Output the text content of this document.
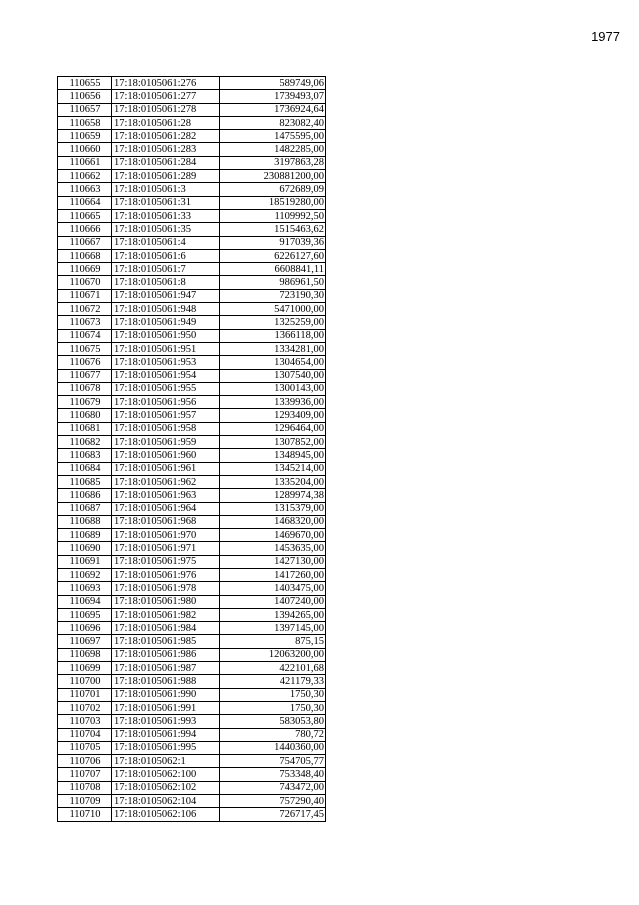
1977
110655	17:18:0105061:276	589749,06
110656	17:18:0105061:277	1739493,07
110657	17:18:0105061:278	1736924,64
110658	17:18:0105061:28	823082,40
110659	17:18:0105061:282	1475595,00
110660	17:18:0105061:283	1482285,00
110661	17:18:0105061:284	3197863,28
110662	17:18:0105061:289	230881200,00
110663	17:18:0105061:3	672689,09
110664	17:18:0105061:31	18519280,00
110665	17:18:0105061:33	1109992,50
110666	17:18:0105061:35	1515463,62
110667	17:18:0105061:4	917039,36
110668	17:18:0105061:6	6226127,60
110669	17:18:0105061:7	6608841,11
110670	17:18:0105061:8	986961,50
110671	17:18:0105061:947	723190,30
110672	17:18:0105061:948	5471000,00
110673	17:18:0105061:949	1325259,00
110674	17:18:0105061:950	1366118,00
110675	17:18:0105061:951	1334281,00
110676	17:18:0105061:953	1304654,00
110677	17:18:0105061:954	1307540,00
110678	17:18:0105061:955	1300143,00
110679	17:18:0105061:956	1339936,00
110680	17:18:0105061:957	1293409,00
110681	17:18:0105061:958	1296464,00
110682	17:18:0105061:959	1307852,00
110683	17:18:0105061:960	1348945,00
110684	17:18:0105061:961	1345214,00
110685	17:18:0105061:962	1335204,00
110686	17:18:0105061:963	1289974,38
110687	17:18:0105061:964	1315379,00
110688	17:18:0105061:968	1468320,00
110689	17:18:0105061:970	1469670,00
110690	17:18:0105061:971	1453635,00
110691	17:18:0105061:975	1427130,00
110692	17:18:0105061:976	1417260,00
110693	17:18:0105061:978	1403475,00
110694	17:18:0105061:980	1407240,00
110695	17:18:0105061:982	1394265,00
110696	17:18:0105061:984	1397145,00
110697	17:18:0105061:985	875,15
110698	17:18:0105061:986	12063200,00
110699	17:18:0105061:987	422101,68
110700	17:18:0105061:988	421179,33
110701	17:18:0105061:990	1750,30
110702	17:18:0105061:991	1750,30
110703	17:18:0105061:993	583053,80
110704	17:18:0105061:994	780,72
110705	17:18:0105061:995	1440360,00
110706	17:18:0105062:1	754705,77
110707	17:18:0105062:100	753348,40
110708	17:18:0105062:102	743472,00
110709	17:18:0105062:104	757290,40
110710	17:18:0105062:106	726717,45
